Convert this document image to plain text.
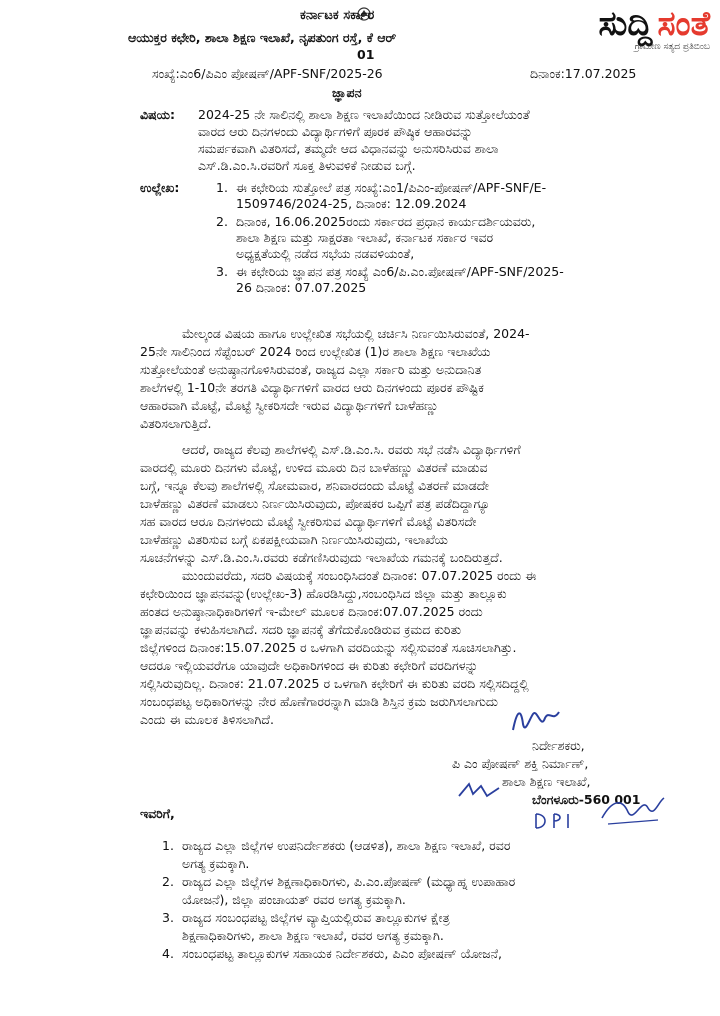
ಸುದ್ದಿ ಸಂತೆ
ಗ್ರಾಮೀಣ ಸತ್ಯದ ಪ್ರತಿಬಿಂಬ
ಕರ್ನಾಟಕ ಸರ್ಕಾರ
ಆಯುಕ್ತರ ಕಛೇರಿ, ಶಾಲಾ ಶಿಕ್ಷಣ ಇಲಾಖೆ, ನೃಪತುಂಗ ರಸ್ತೆ, ಕೆ ಆರ್
01
ಸಂಖ್ಯೆ:ಎಂ6/ಪಿಎಂ ಪೋಷಣ್/APF-SNF/2025-26	ದಿನಾಂಕ:17.07.2025
ಜ್ಞಾಪನ
ವಿಷಯ: 2024-25 ನೇ ಸಾಲಿನಲ್ಲಿ ಶಾಲಾ ಶಿಕ್ಷಣ ಇಲಾಖೆಯಿಂದ ನೀಡಿರುವ ಸುತ್ತೋಲೆಯಂತೆ
ವಾರದ ಆರು ದಿನಗಳಂದು ವಿದ್ಯಾರ್ಥಿಗಳಿಗೆ ಪೂರಕ ಪೌಷ್ಠಿಕ ಆಹಾರವನ್ನು
ಸಮರ್ಪಕವಾಗಿ ವಿತರಿಸದೆ, ತಮ್ಮದೇ ಆದ ವಿಧಾನವನ್ನು ಅನುಸರಿಸಿರುವ ಶಾಲಾ
ಎಸ್.ಡಿ.ಎಂ.ಸಿ.ರವರಿಗೆ ಸೂಕ್ತ ತಿಳುವಳಿಕೆ ನೀಡುವ ಬಗ್ಗೆ.
ಉಲ್ಲೇಖ:	1. ಈ ಕಛೇರಿಯ ಸುತ್ತೋಲೆ ಪತ್ರ ಸಂಖ್ಯೆ:ಎಂ1/ಪಿಎಂ-ಪೋಷಣ್/APF-SNF/E-
1509746/2024-25, ದಿನಾಂಕ: 12.09.2024
2. ದಿನಾಂಕ, 16.06.2025ರಂದು ಸರ್ಕಾರದ ಪ್ರಧಾನ ಕಾರ್ಯದರ್ಶಿಯವರು,
ಶಾಲಾ ಶಿಕ್ಷಣ ಮತ್ತು ಸಾಕ್ಷರತಾ ಇಲಾಖೆ, ಕರ್ನಾಟಕ ಸರ್ಕಾರ ಇವರ
ಅಧ್ಯಕ್ಷತೆಯಲ್ಲಿ ನಡೆದ ಸಭೆಯ ನಡವಳಿಯಂತೆ,
3. ಈ ಕಛೇರಿಯ ಜ್ಞಾಪನ ಪತ್ರ ಸಂಖ್ಯೆ ಎಂ6/ಪಿ.ಎಂ.ಪೋಷಣ್/APF-SNF/2025-
26 ದಿನಾಂಕ: 07.07.2025
ಮೇಲ್ಕಂಡ ವಿಷಯ ಹಾಗೂ ಉಲ್ಲೇಖಿತ ಸಭೆಯಲ್ಲಿ ಚರ್ಚಿಸಿ ನಿರ್ಣಯಿಸಿರುವಂತೆ, 2024-
25ನೇ ಸಾಲಿನಿಂದ ಸೆಪ್ಟೆಂಬರ್ 2024 ರಿಂದ ಉಲ್ಲೇಖಿತ (1)ರ ಶಾಲಾ ಶಿಕ್ಷಣ ಇಲಾಖೆಯ
ಸುತ್ತೋಲೆಯಂತೆ ಅನುಷ್ಠಾನಗೊಳಿಸಿರುವಂತೆ, ರಾಜ್ಯದ ಎಲ್ಲಾ ಸರ್ಕಾರಿ ಮತ್ತು ಅನುದಾನಿತ
ಶಾಲೆಗಳಲ್ಲಿ 1-10ನೇ ತರಗತಿ ವಿದ್ಯಾರ್ಥಿಗಳಿಗೆ ವಾರದ ಆರು ದಿನಗಳಂದು ಪೂರಕ ಪೌಷ್ಟಿಕ
ಆಹಾರವಾಗಿ ಮೊಟ್ಟೆ, ಮೊಟ್ಟೆ ಸ್ವೀಕರಿಸದೇ ಇರುವ ವಿದ್ಯಾರ್ಥಿಗಳಿಗೆ ಬಾಳೆಹಣ್ಣು
ವಿತರಿಸಲಾಗುತ್ತಿದೆ.
ಆದರೆ, ರಾಜ್ಯದ ಕೆಲವು ಶಾಲೆಗಳಲ್ಲಿ ಎಸ್.ಡಿ.ಎಂ.ಸಿ. ರವರು ಸಭೆ ನಡೆಸಿ ವಿದ್ಯಾರ್ಥಿಗಳಿಗೆ
ವಾರದಲ್ಲಿ ಮೂರು ದಿನಗಳು ಮೊಟ್ಟೆ, ಉಳಿದ ಮೂರು ದಿನ ಬಾಳೆಹಣ್ಣು ವಿತರಣೆ ಮಾಡುವ
ಬಗ್ಗೆ, ಇನ್ನೂ ಕೆಲವು ಶಾಲೆಗಳಲ್ಲಿ ಸೋಮವಾರ, ಶನಿವಾರದಂದು ಮೊಟ್ಟೆ ವಿತರಣೆ ಮಾಡದೇ
ಬಾಳೆಹಣ್ಣು ವಿತರಣೆ ಮಾಡಲು ನಿರ್ಣಯಿಸಿರುವುದು, ಪೋಷಕರ ಒಪ್ಪಿಗೆ ಪತ್ರ ಪಡೆದಿದ್ದಾಗ್ಯೂ
ಸಹ ವಾರದ ಆರೂ ದಿನಗಳಂದು ಮೊಟ್ಟೆ ಸ್ವೀಕರಿಸುವ ವಿದ್ಯಾರ್ಥಿಗಳಿಗೆ ಮೊಟ್ಟೆ ವಿತರಿಸದೇ
ಬಾಳೆಹಣ್ಣು ವಿತರಿಸುವ ಬಗ್ಗೆ ಏಕಪಕ್ಷೀಯವಾಗಿ ನಿರ್ಣಯಿಸಿರುವುದು, ಇಲಾಖೆಯ
ಸೂಚನೆಗಳನ್ನು ಎಸ್.ಡಿ.ಎಂ.ಸಿ.ರವರು ಕಡೆಗಣಿಸಿರುವುದು ಇಲಾಖೆಯ ಗಮನಕ್ಕೆ ಬಂದಿರುತ್ತದೆ.
ಮುಂದುವರೆದು, ಸದರಿ ವಿಷಯಕ್ಕೆ ಸಂಬಂಧಿಸಿದಂತೆ ದಿನಾಂಕ: 07.07.2025 ರಂದು ಈ
ಕಛೇರಿಯಿಂದ ಜ್ಞಾಪನವನ್ನು(ಉಲ್ಲೇಖ-3) ಹೊರಡಿಸಿದ್ದು,ಸಂಬಂಧಿಸಿದ ಜಿಲ್ಲಾ ಮತ್ತು ತಾಲ್ಲೂಕು
ಹಂತದ ಅನುಷ್ಠಾನಾಧಿಕಾರಿಗಳಿಗೆ ಇ-ಮೇಲ್ ಮೂಲಕ ದಿನಾಂಕ:07.07.2025 ರಂದು
ಜ್ಞಾಪನವನ್ನು ಕಳುಹಿಸಲಾಗಿದೆ. ಸದರಿ ಜ್ಞಾಪನಕ್ಕೆ ತೆಗೆದುಕೊಂಡಿರುವ ಕ್ರಮದ ಕುರಿತು
ಜಿಲ್ಲೆಗಳಿಂದ ದಿನಾಂಕ:15.07.2025 ರ ಒಳಗಾಗಿ ವರದಿಯನ್ನು ಸಲ್ಲಿಸುವಂತೆ ಸೂಚಿಸಲಾಗಿತ್ತು.
ಆದರೂ ಇಲ್ಲಿಯವರೆಗೂ ಯಾವುದೇ ಅಧಿಕಾರಿಗಳಿಂದ ಈ ಕುರಿತು ಕಛೇರಿಗೆ ವರದಿಗಳನ್ನು
ಸಲ್ಲಿಸಿರುವುದಿಲ್ಲ. ದಿನಾಂಕ: 21.07.2025 ರ ಒಳಗಾಗಿ ಕಛೇರಿಗೆ ಈ ಕುರಿತು ವರದಿ ಸಲ್ಲಿಸದಿದ್ದಲ್ಲಿ
ಸಂಬಂಧಪಟ್ಟ ಅಧಿಕಾರಿಗಳನ್ನು ನೇರ ಹೊಣೆಗಾರರನ್ನಾಗಿ ಮಾಡಿ ಶಿಸ್ತಿನ ಕ್ರಮ ಜರುಗಿಸಲಾಗುದು
ಎಂದು ಈ ಮೂಲಕ ತಿಳಿಸಲಾಗಿದೆ.
ನಿರ್ದೇಶಕರು,
ಪಿ ಎಂ ಪೋಷಣ್ ಶಕ್ತಿ ನಿರ್ಮಾಣ್,
ಶಾಲಾ ಶಿಕ್ಷಣ ಇಲಾಖೆ,
ಬೆಂಗಳೂರು-560 001
ಇವರಿಗೆ,
1. ರಾಜ್ಯದ ಎಲ್ಲಾ ಜಿಲ್ಲೆಗಳ ಉಪನಿರ್ದೇಶಕರು (ಆಡಳಿತ), ಶಾಲಾ ಶಿಕ್ಷಣ ಇಲಾಖೆ, ರವರ
ಅಗತ್ಯ ಕ್ರಮಕ್ಕಾಗಿ.
2. ರಾಜ್ಯದ ಎಲ್ಲಾ ಜಿಲ್ಲೆಗಳ ಶಿಕ್ಷಣಾಧಿಕಾರಿಗಳು, ಪಿ.ಎಂ.ಪೋಷಣ್ (ಮಧ್ಯಾಹ್ನ ಉಪಾಹಾರ
ಯೋಜನೆ), ಜಿಲ್ಲಾ ಪಂಚಾಯತ್ ರವರ ಅಗತ್ಯ ಕ್ರಮಕ್ಕಾಗಿ.
3. ರಾಜ್ಯದ ಸಂಬಂಧಪಟ್ಟ ಜಿಲ್ಲೆಗಳ ವ್ಯಾಪ್ತಿಯಲ್ಲಿರುವ ತಾಲ್ಲೂಕುಗಳ ಕ್ಷೇತ್ರ
ಶಿಕ್ಷಣಾಧಿಕಾರಿಗಳು, ಶಾಲಾ ಶಿಕ್ಷಣ ಇಲಾಖೆ, ರವರ ಅಗತ್ಯ ಕ್ರಮಕ್ಕಾಗಿ.
4. ಸಂಬಂಧಪಟ್ಟ ತಾಲ್ಲೂಕುಗಳ ಸಹಾಯಕ ನಿರ್ದೇಶಕರು, ಪಿಎಂ ಪೋಷಣ್ ಯೋಜನೆ,
